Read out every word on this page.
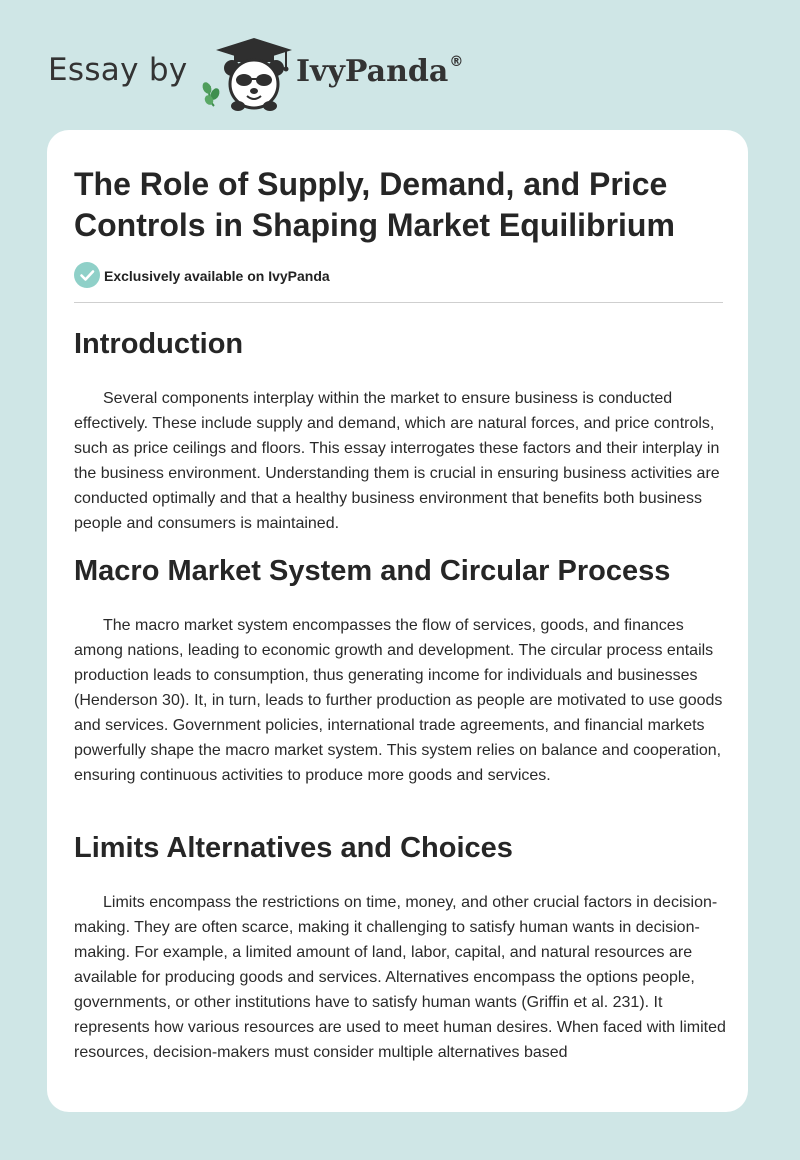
Essay by	IvyPanda®
The Role of Supply, Demand, and Price Controls in Shaping Market Equilibrium
Exclusively available on IvyPanda
Introduction

Several components interplay within the market to ensure business is conducted effectively. These include supply and demand, which are natural forces, and price controls, such as price ceilings and floors. This essay interrogates these factors and their interplay in the business environment. Understanding them is crucial in ensuring business activities are conducted optimally and that a healthy business environment that benefits both business people and consumers is maintained.

Macro Market System and Circular Process

The macro market system encompasses the flow of services, goods, and finances among nations, leading to economic growth and development. The circular process entails production leads to consumption, thus generating income for individuals and businesses (Henderson 30). It, in turn, leads to further production as people are motivated to use goods and services. Government policies, international trade agreements, and financial markets powerfully shape the macro market system. This system relies on balance and cooperation, ensuring continuous activities to produce more goods and services.

Limits Alternatives and Choices

Limits encompass the restrictions on time, money, and other crucial factors in decision-making. They are often scarce, making it challenging to satisfy human wants in decision-making. For example, a limited amount of land, labor, capital, and natural resources are available for producing goods and services. Alternatives encompass the options people, governments, or other institutions have to satisfy human wants (Griffin et al. 231). It represents how various resources are used to meet human desires. When faced with limited resources, decision-makers must consider multiple alternatives based
